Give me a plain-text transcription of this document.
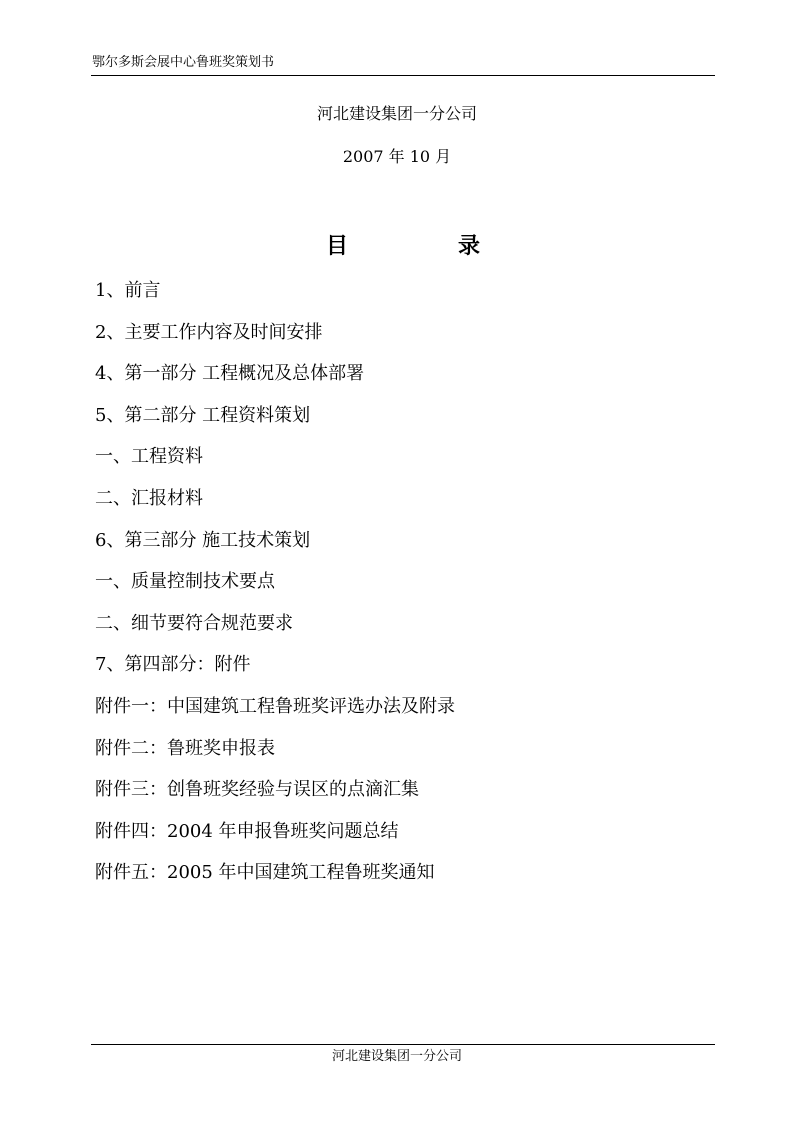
鄂尔多斯会展中心鲁班奖策划书
河北建设集团一分公司
2007 年 10 月
目	录
1、前言
2、主要工作内容及时间安排
4、第一部分 工程概况及总体部署
5、第二部分 工程资料策划
一、工程资料
二、汇报材料
6、第三部分 施工技术策划
一、质量控制技术要点
二、细节要符合规范要求
7、第四部分：附件
附件一：中国建筑工程鲁班奖评选办法及附录
附件二：鲁班奖申报表
附件三：创鲁班奖经验与误区的点滴汇集
附件四：2004 年申报鲁班奖问题总结
附件五：2005 年中国建筑工程鲁班奖通知
河北建设集团一分公司
